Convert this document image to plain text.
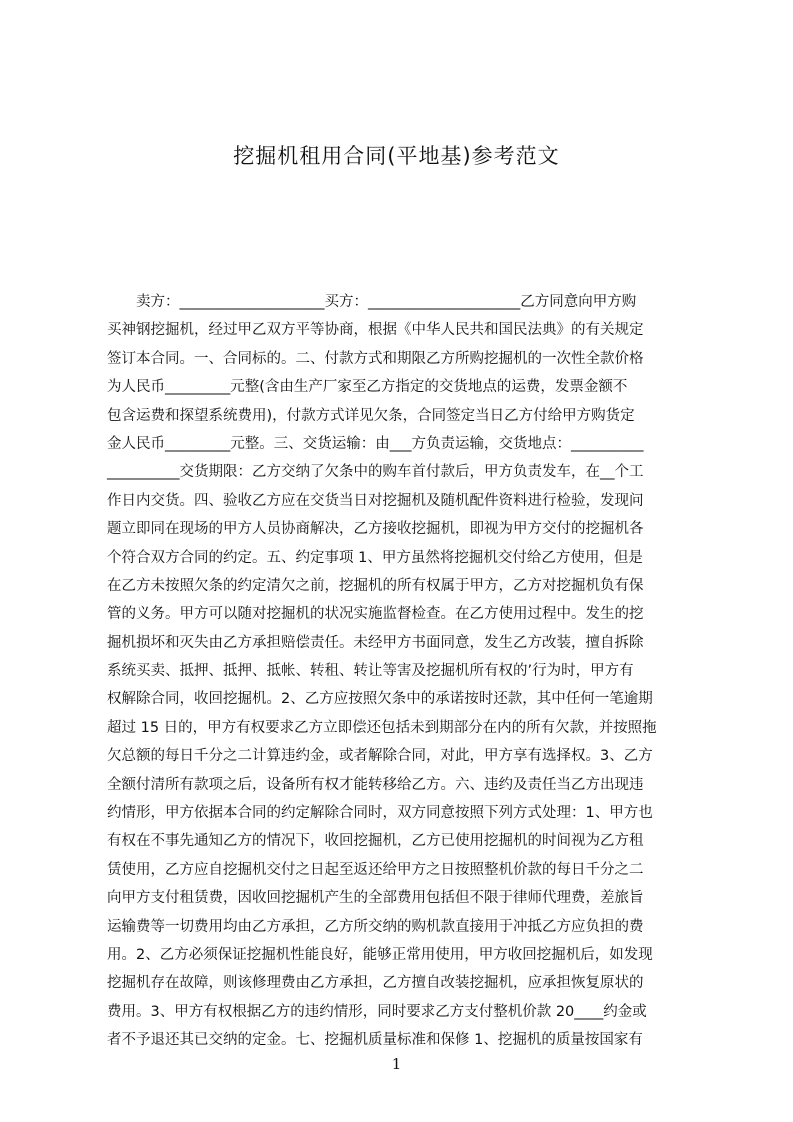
挖掘机租用合同(平地基)参考范文
　　卖方：____________________买方：_____________________乙方同意向甲方购
买神钢挖掘机，经过甲乙双方平等协商，根据《中华人民共和国民法典》的有关规定
签订本合同。一、合同标的。二、付款方式和期限乙方所购挖掘机的一次性全款价格
为人民币_________元整(含由生产厂家至乙方指定的交货地点的运费，发票金额不
包含运费和探望系统费用)，付款方式详见欠条，合同签定当日乙方付给甲方购货定
金人民币_________元整。三、交货运输：由___方负责运输，交货地点：__________
__________交货期限：乙方交纳了欠条中的购车首付款后，甲方负责发车，在__个工
作日内交货。四、验收乙方应在交货当日对挖掘机及随机配件资料进行检验，发现问
题立即同在现场的甲方人员协商解决，乙方接收挖掘机，即视为甲方交付的挖掘机各
个符合双方合同的约定。五、约定事项 1、甲方虽然将挖掘机交付给乙方使用，但是
在乙方未按照欠条的约定清欠之前，挖掘机的所有权属于甲方，乙方对挖掘机负有保
管的义务。甲方可以随对挖掘机的状况实施监督检查。在乙方使用过程中。发生的挖
掘机损坏和灭失由乙方承担赔偿责任。未经甲方书面同意，发生乙方改装，擅自拆除
系统买卖、抵押、抵押、抵帐、转租、转让等害及挖掘机所有权的’行为时，甲方有
权解除合同，收回挖掘机。2、乙方应按照欠条中的承诺按时还款，其中任何一笔逾期
超过 15 日的，甲方有权要求乙方立即偿还包括未到期部分在内的所有欠款，并按照拖
欠总额的每日千分之二计算违约金，或者解除合同，对此，甲方享有选择权。3、乙方
全额付清所有款项之后，设备所有权才能转移给乙方。六、违约及责任当乙方出现违
约情形，甲方依据本合同的约定解除合同时，双方同意按照下列方式处理：1、甲方也
有权在不事先通知乙方的情况下，收回挖掘机，乙方已使用挖掘机的时间视为乙方租
赁使用，乙方应自挖掘机交付之日起至返还给甲方之日按照整机价款的每日千分之二
向甲方支付租赁费，因收回挖掘机产生的全部费用包括但不限于律师代理费，差旅旨
运输费等一切费用均由乙方承担，乙方所交纳的购机款直接用于冲抵乙方应负担的费
用。2、乙方必须保证挖掘机性能良好，能够正常用使用，甲方收回挖掘机后，如发现
挖掘机存在故障，则该修理费由乙方承担，乙方擅自改装挖掘机，应承担恢复原状的
费用。3、甲方有权根据乙方的违约情形，同时要求乙方支付整机价款 20____约金或
者不予退还其已交纳的定金。七、挖掘机质量标准和保修 1、挖掘机的质量按国家有
1
